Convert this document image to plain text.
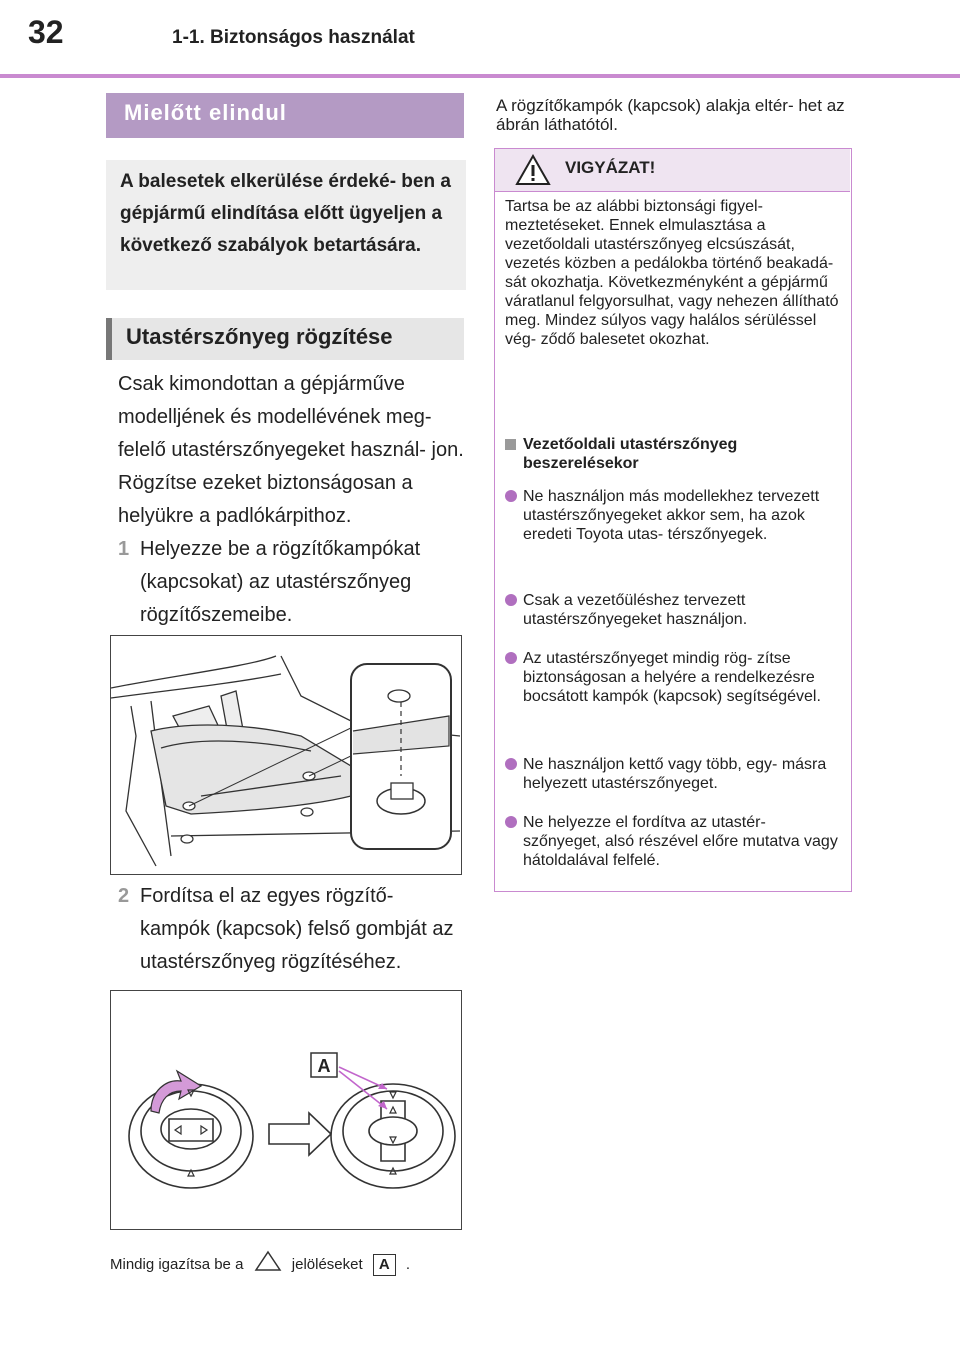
32	1-1. Biztonságos használat
Mielőtt elindul
A balesetek elkerülése érdeké- ben a gépjármű elindítása előtt ügyeljen a következő szabályok betartására.
Utastérszőnyeg rögzítése
Csak kimondottan a gépjárműve modelljének és modellévének meg- felelő utastérszőnyegeket használ- jon. Rögzítse ezeket biztonságosan a helyükre a padlókárpithoz.
1 Helyezze be a rögzítőkampókat (kapcsokat) az utastérszőnyeg rögzítőszemeibe.
2 Fordítsa el az egyes rögzítő- kampók (kapcsok) felső gombját az utastérszőnyeg rögzítéséhez.
A
Mindig igazítsa be a	jelöléseket A .
A rögzítőkampók (kapcsok) alakja eltér- het az ábrán láthatótól.
VIGYÁZAT!
Tartsa be az alábbi biztonsági figyel- meztetéseket. Ennek elmulasztása a vezetőoldali utastérszőnyeg elcsúszását, vezetés közben a pedálokba történő beakadá- sát okozhatja. Következményként a gépjármű váratlanul felgyorsulhat, vagy nehezen állítható meg. Mindez súlyos vagy halálos sérüléssel vég- ződő balesetet okozhat.
Vezetőoldali utastérszőnyeg beszerelésekor
Ne használjon más modellekhez tervezett utastérszőnyegeket akkor sem, ha azok eredeti Toyota utas- térszőnyegek.
Csak a vezetőüléshez tervezett utastérszőnyegeket használjon.
Az utastérszőnyeget mindig rög- zítse biztonságosan a helyére a rendelkezésre bocsátott kampók (kapcsok) segítségével.
Ne használjon kettő vagy több, egy- másra helyezett utastérszőnyeget.
Ne helyezze el fordítva az utastér- szőnyeget, alsó részével előre mutatva vagy hátoldalával felfelé.
